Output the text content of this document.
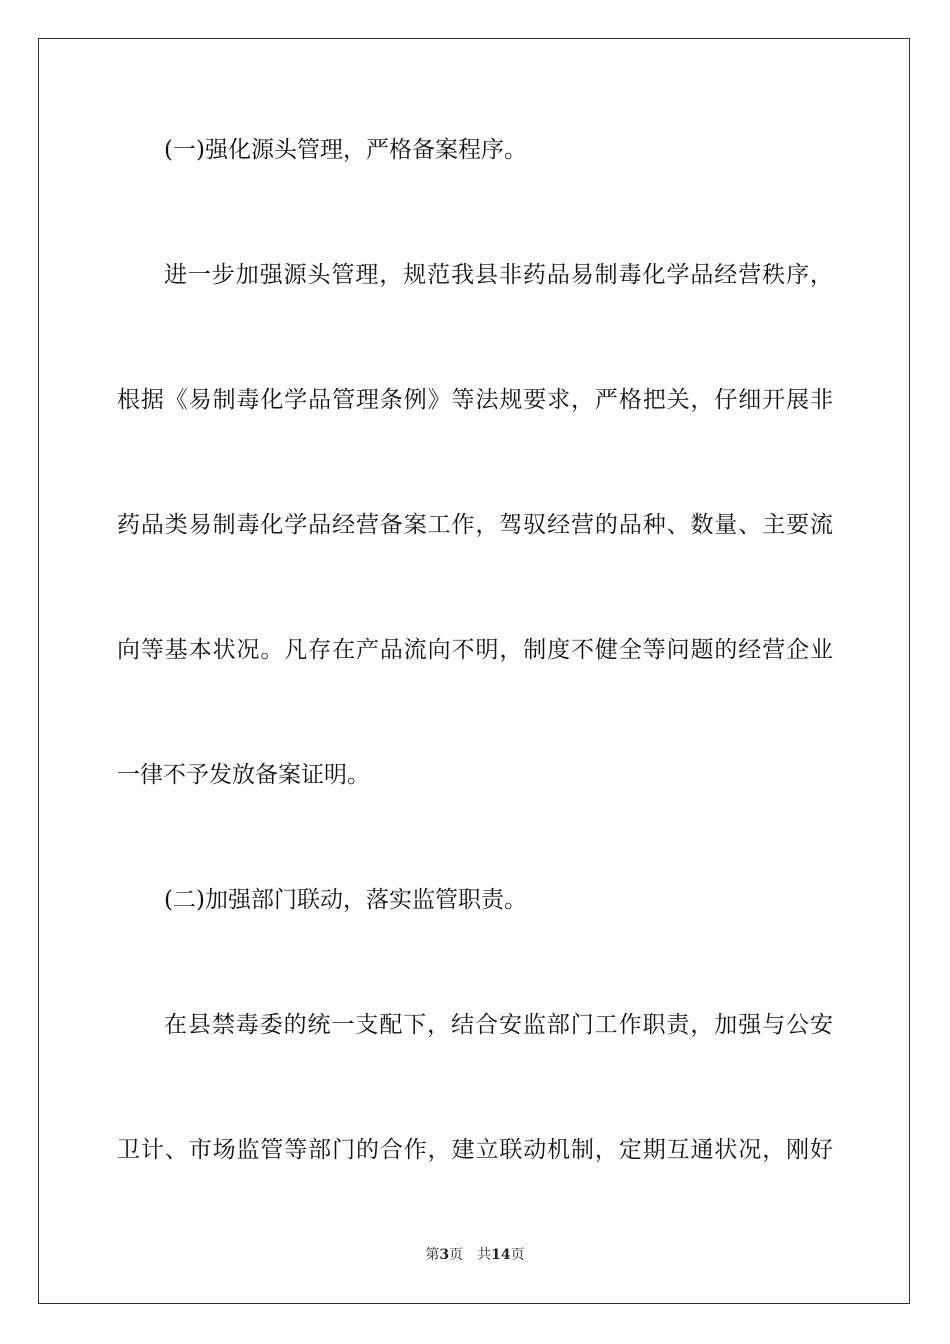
(一)强化源头管理，严格备案程序。
进一步加强源头管理，规范我县非药品易制毒化学品经营秩序，
根据《易制毒化学品管理条例》等法规要求，严格把关，仔细开展非
药品类易制毒化学品经营备案工作，驾驭经营的品种、数量、主要流
向等基本状况。凡存在产品流向不明，制度不健全等问题的经营企业
一律不予发放备案证明。
(二)加强部门联动，落实监管职责。
在县禁毒委的统一支配下，结合安监部门工作职责，加强与公安
卫计、市场监管等部门的合作，建立联动机制，定期互通状况，刚好
第3页 共14页
